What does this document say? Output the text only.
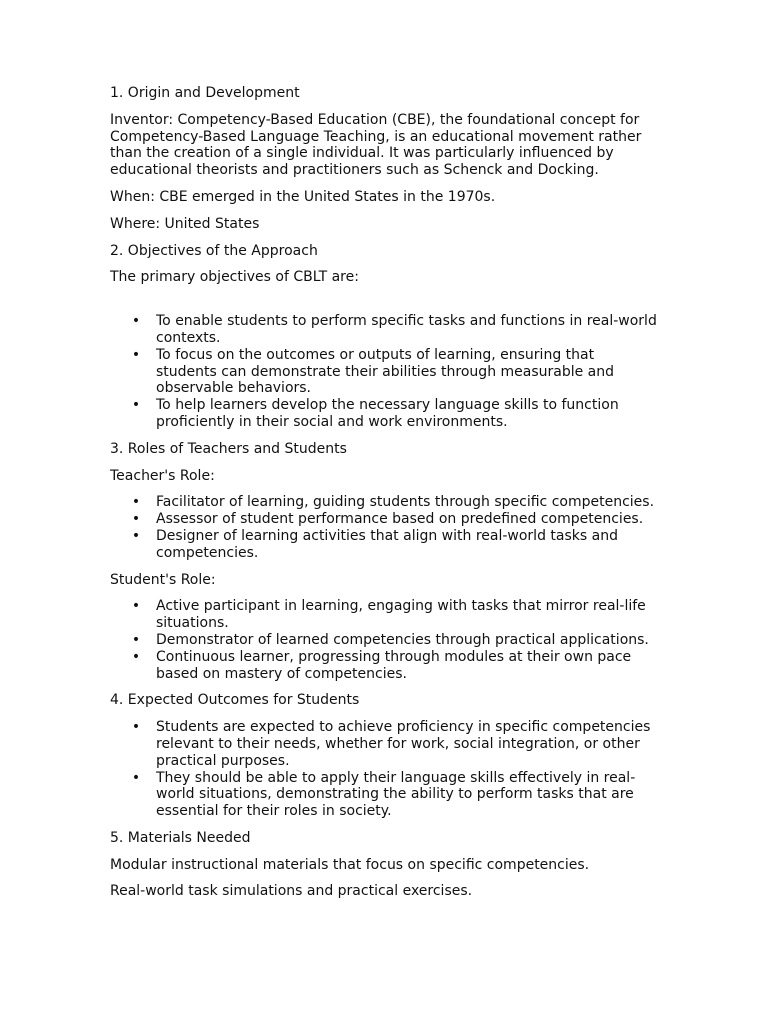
1. Origin and Development

Inventor: Competency-Based Education (CBE), the foundational concept for Competency-Based Language Teaching, is an educational movement rather than the creation of a single individual. It was particularly influenced by educational theorists and practitioners such as Schenck and Docking.

When: CBE emerged in the United States in the 1970s.

Where: United States

2. Objectives of the Approach

The primary objectives of CBLT are:

• To enable students to perform specific tasks and functions in real-world contexts.
• To focus on the outcomes or outputs of learning, ensuring that students can demonstrate their abilities through measurable and observable behaviors.
• To help learners develop the necessary language skills to function proficiently in their social and work environments.

3. Roles of Teachers and Students

Teacher's Role:

• Facilitator of learning, guiding students through specific competencies.
• Assessor of student performance based on predefined competencies.
• Designer of learning activities that align with real-world tasks and competencies.

Student's Role:

• Active participant in learning, engaging with tasks that mirror real-life situations.
• Demonstrator of learned competencies through practical applications.
• Continuous learner, progressing through modules at their own pace based on mastery of competencies.

4. Expected Outcomes for Students

• Students are expected to achieve proficiency in specific competencies relevant to their needs, whether for work, social integration, or other practical purposes.
• They should be able to apply their language skills effectively in real-world situations, demonstrating the ability to perform tasks that are essential for their roles in society.

5. Materials Needed

Modular instructional materials that focus on specific competencies.

Real-world task simulations and practical exercises.
